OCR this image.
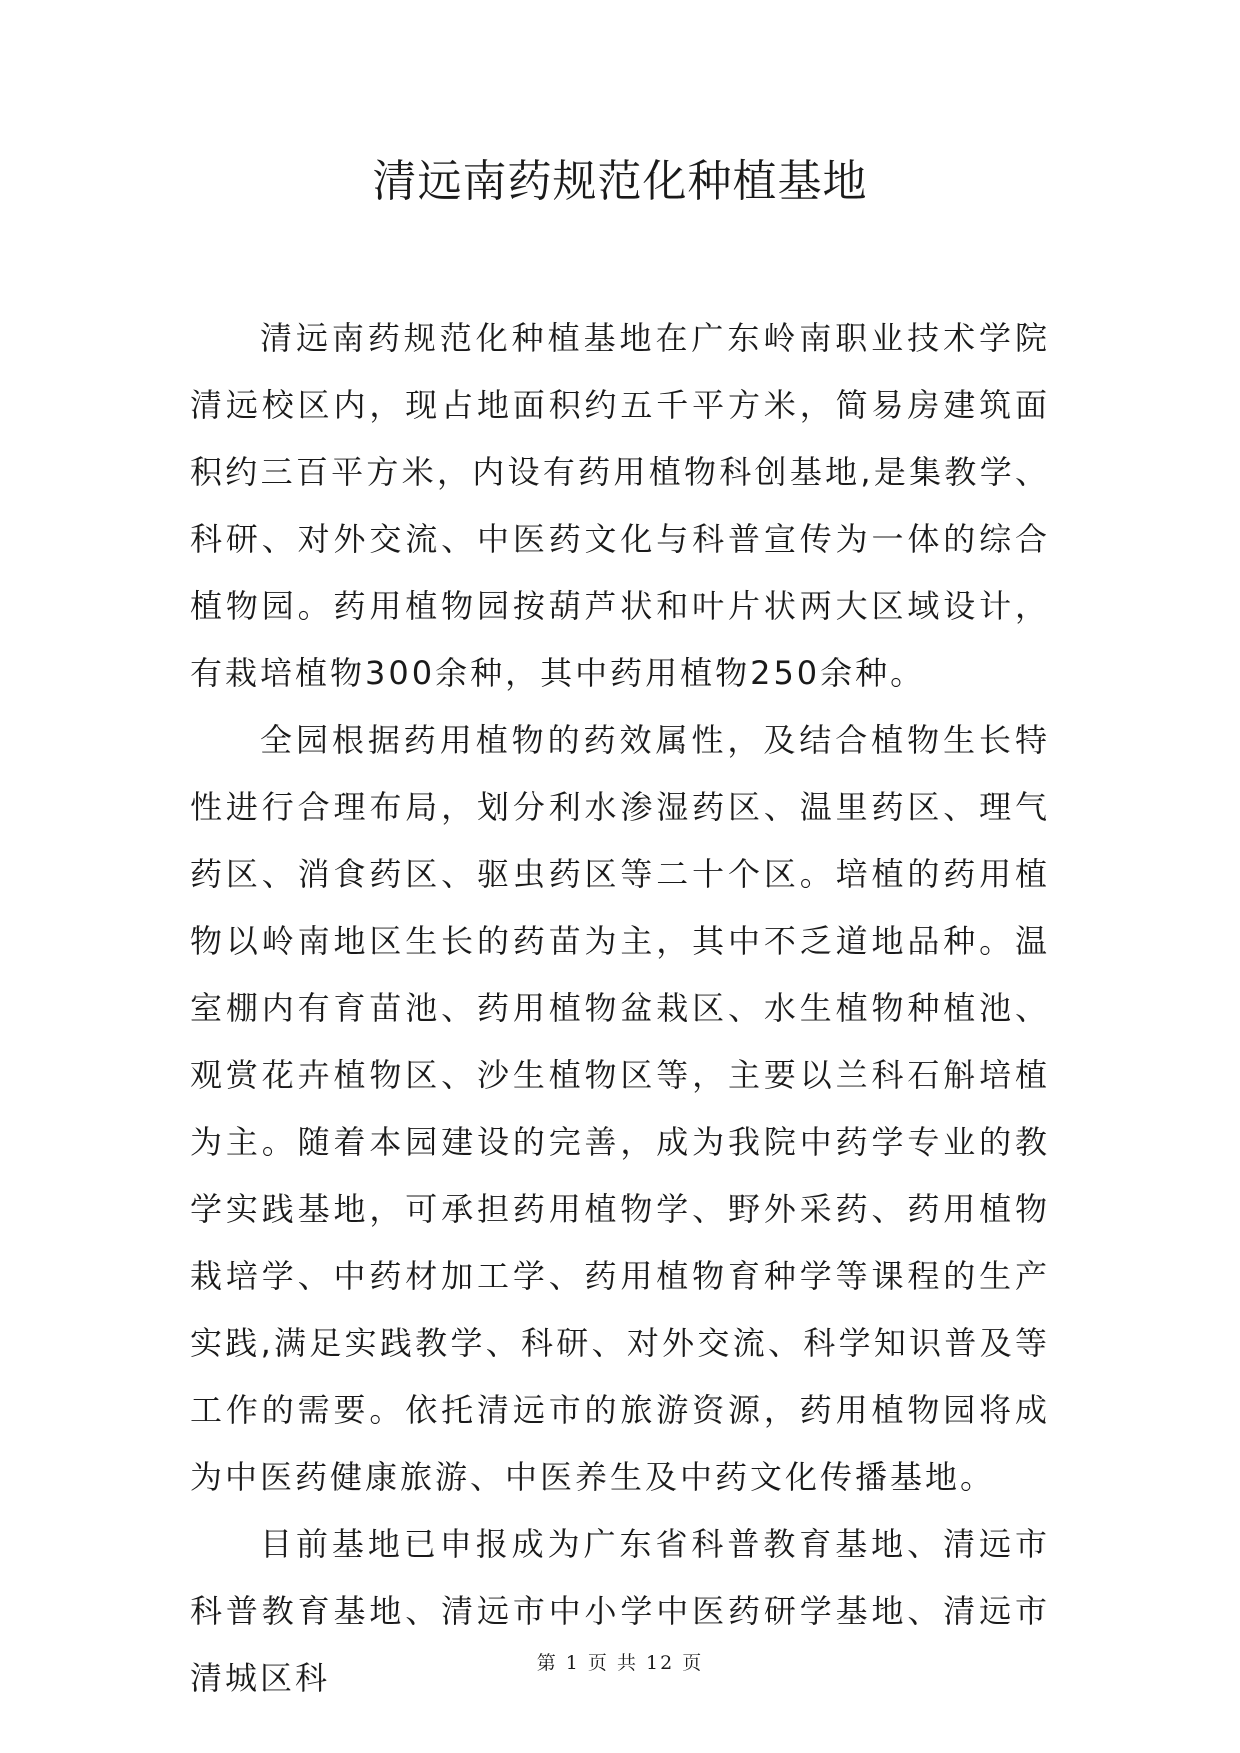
清远南药规范化种植基地

清远南药规范化种植基地在广东岭南职业技术学院清远校区内，现占地面积约五千平方米，简易房建筑面积约三百平方米，内设有药用植物科创基地,是集教学、科研、对外交流、中医药文化与科普宣传为一体的综合植物园。药用植物园按葫芦状和叶片状两大区域设计，有栽培植物300余种，其中药用植物250余种。

全园根据药用植物的药效属性，及结合植物生长特性进行合理布局，划分利水渗湿药区、温里药区、理气药区、消食药区、驱虫药区等二十个区。培植的药用植物以岭南地区生长的药苗为主，其中不乏道地品种。温室棚内有育苗池、药用植物盆栽区、水生植物种植池、观赏花卉植物区、沙生植物区等，主要以兰科石斛培植为主。随着本园建设的完善，成为我院中药学专业的教学实践基地，可承担药用植物学、野外采药、药用植物栽培学、中药材加工学、药用植物育种学等课程的生产实践,满足实践教学、科研、对外交流、科学知识普及等工作的需要。依托清远市的旅游资源，药用植物园将成为中医药健康旅游、中医养生及中药文化传播基地。

目前基地已申报成为广东省科普教育基地、清远市科普教育基地、清远市中小学中医药研学基地、清远市清城区科	第 1 页 共 12 页
